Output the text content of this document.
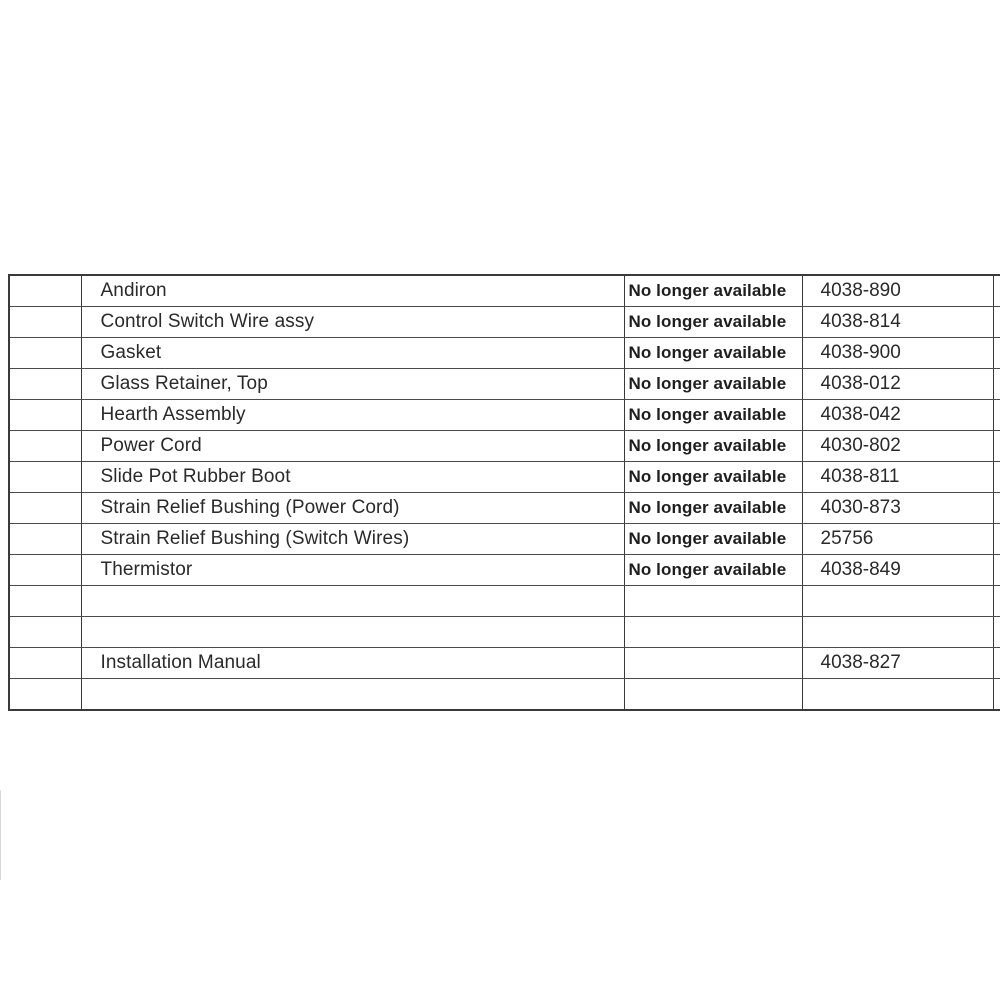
	Andiron	No longer available	4038-890	
	Control Switch Wire assy	No longer available	4038-814	
	Gasket	No longer available	4038-900	
	Glass Retainer, Top	No longer available	4038-012	
	Hearth Assembly	No longer available	4038-042	
	Power Cord	No longer available	4030-802	
	Slide Pot Rubber Boot	No longer available	4038-811	
	Strain Relief Bushing (Power Cord)	No longer available	4030-873	
	Strain Relief Bushing (Switch Wires)	No longer available	25756	
	Thermistor	No longer available	4038-849	

	Installation Manual		4038-827	
